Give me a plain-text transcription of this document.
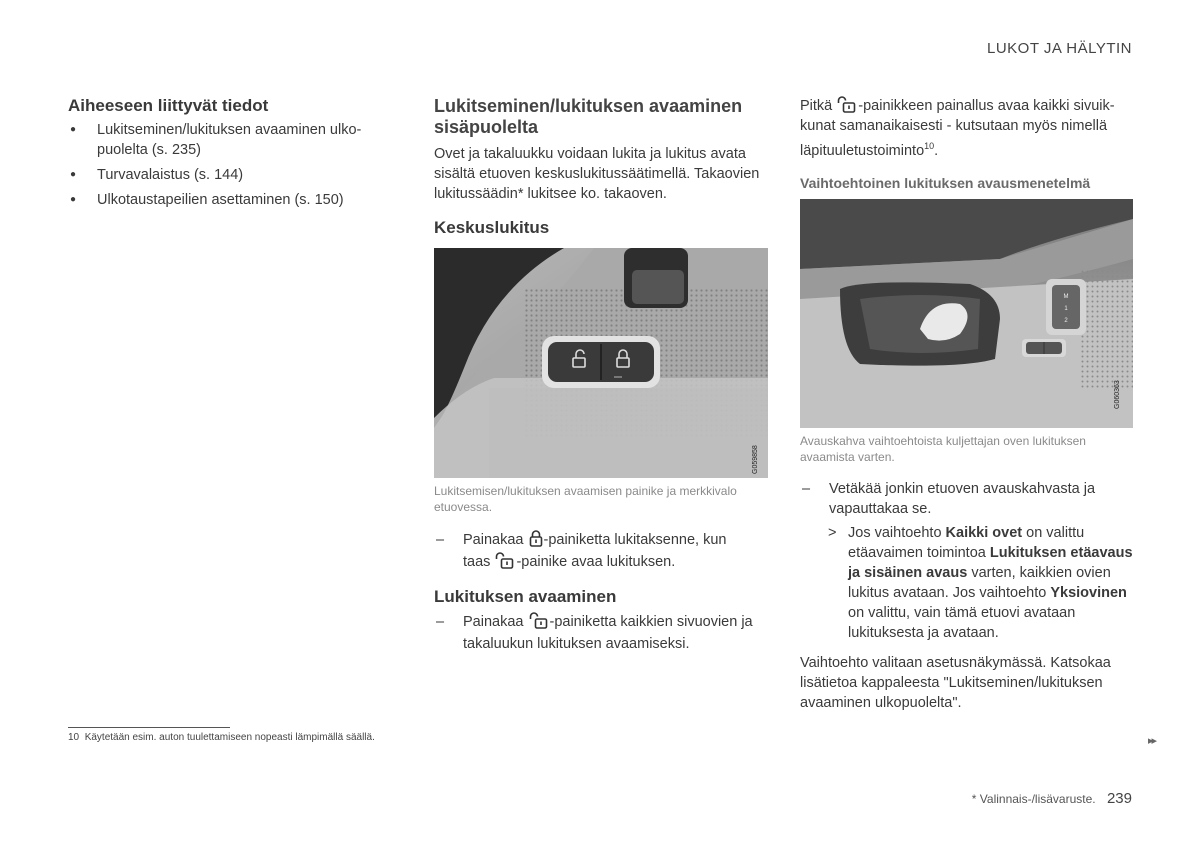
LUKOT JA HÄLYTIN
Aiheeseen liittyvät tiedot
● Lukitseminen/lukituksen avaaminen ulko-puolelta (s. 235)
● Turvavalaistus (s. 144)
● Ulkotaustapeilien asettaminen (s. 150)
Lukitseminen/lukituksen avaaminen sisäpuolelta

Ovet ja takaluukku voidaan lukita ja lukitus avata sisältä etuoven keskuslukitussäätimellä. Takaovien lukitussäädin* lukitsee ko. takaoven.

Keskuslukitus
G059858
Lukitsemisen/lukituksen avaamisen painike ja merkkivalo etuovessa.
– Painakaa -painiketta lukitaksenne, kun
taas -painike avaa lukituksen.
Lukituksen avaaminen
– Painakaa -painiketta kaikkien sivuovien ja
takaluukun lukituksen avaamiseksi.

Pitkä -painikkeen painallus avaa kaikki sivuik-kunat samanaikaisesti - kutsutaan myös nimellä läpituuletustoiminto$^{10}$.

Vaihtoehtoinen lukituksen avausmenetelmä
M
1
2
G060363
Avauskahva vaihtoehtoista kuljettajan oven lukituksen avaamista varten.
– Vetäkää jonkin etuoven avauskahvasta ja vapauttakaa se.
> Jos vaihtoehto Kaikki ovet on valittu etäavaimen toimintoa Lukituksen etäavaus ja sisäinen avaus varten, kaikkien ovien lukitus avataan. Jos vaihtoehto Yksiovinen on valittu, vain tämä etuovi avataan lukituksesta ja avataan.

Vaihtoehto valitaan asetusnäkymässä. Katsokaa lisätietoa kappaleesta "Lukitseminen/lukituksen avaaminen ulkopuolelta".

10 Käytetään esim. auton tuulettamiseen nopeasti lämpimällä säällä.	▸▸
* Valinnais-/lisävaruste. 239
